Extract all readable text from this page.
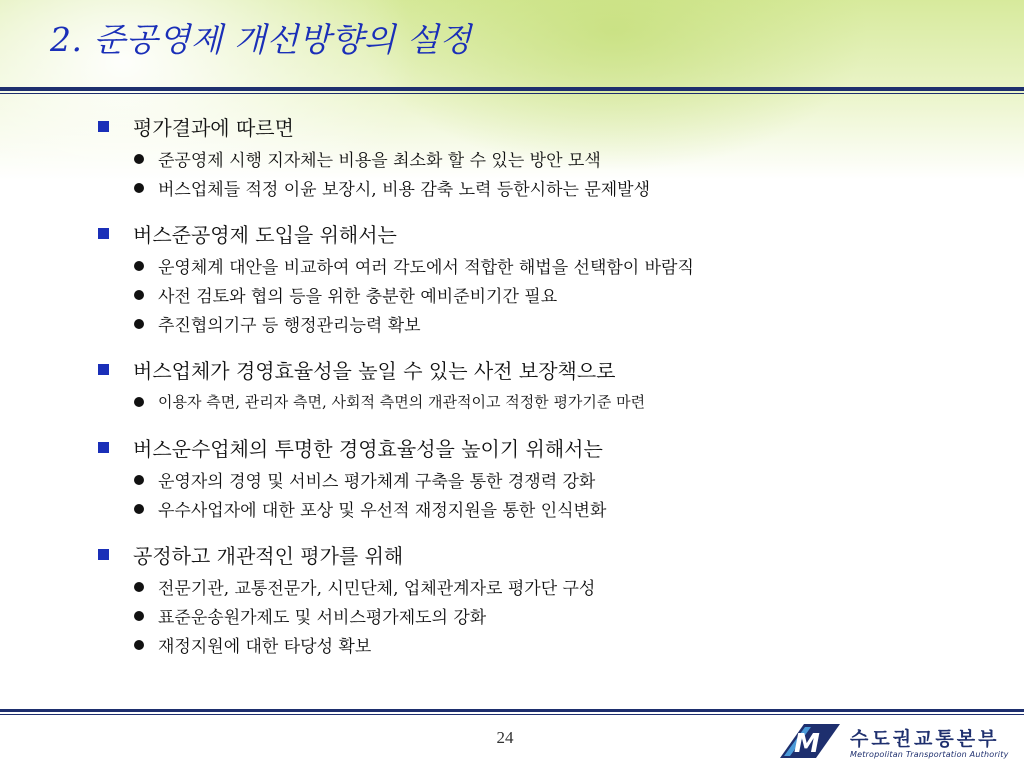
2. 준공영제 개선방향의 설정
평가결과에 따르면
준공영제 시행 지자체는 비용을 최소화 할 수 있는 방안 모색
버스업체들 적정 이윤 보장시, 비용 감축 노력 등한시하는 문제발생
버스준공영제 도입을 위해서는
운영체계 대안을 비교하여 여러 각도에서 적합한 해법을 선택함이 바람직
사전 검토와 협의 등을 위한 충분한 예비준비기간 필요
추진협의기구 등 행정관리능력 확보
버스업체가 경영효율성을 높일 수 있는 사전 보장책으로
이용자 측면, 관리자 측면, 사회적 측면의 개관적이고 적정한 평가기준 마련
버스운수업체의 투명한 경영효율성을 높이기 위해서는
운영자의 경영 및 서비스 평가체계 구축을 통한 경쟁력 강화
우수사업자에 대한 포상 및 우선적 재정지원을 통한 인식변화
공정하고 개관적인 평가를 위해
전문기관, 교통전문가, 시민단체, 업체관계자로 평가단 구성
표준운송원가제도 및 서비스평가제도의 강화
재정지원에 대한 타당성 확보
24	M 수도권교통본부
Metropolitan Transportation Authority
